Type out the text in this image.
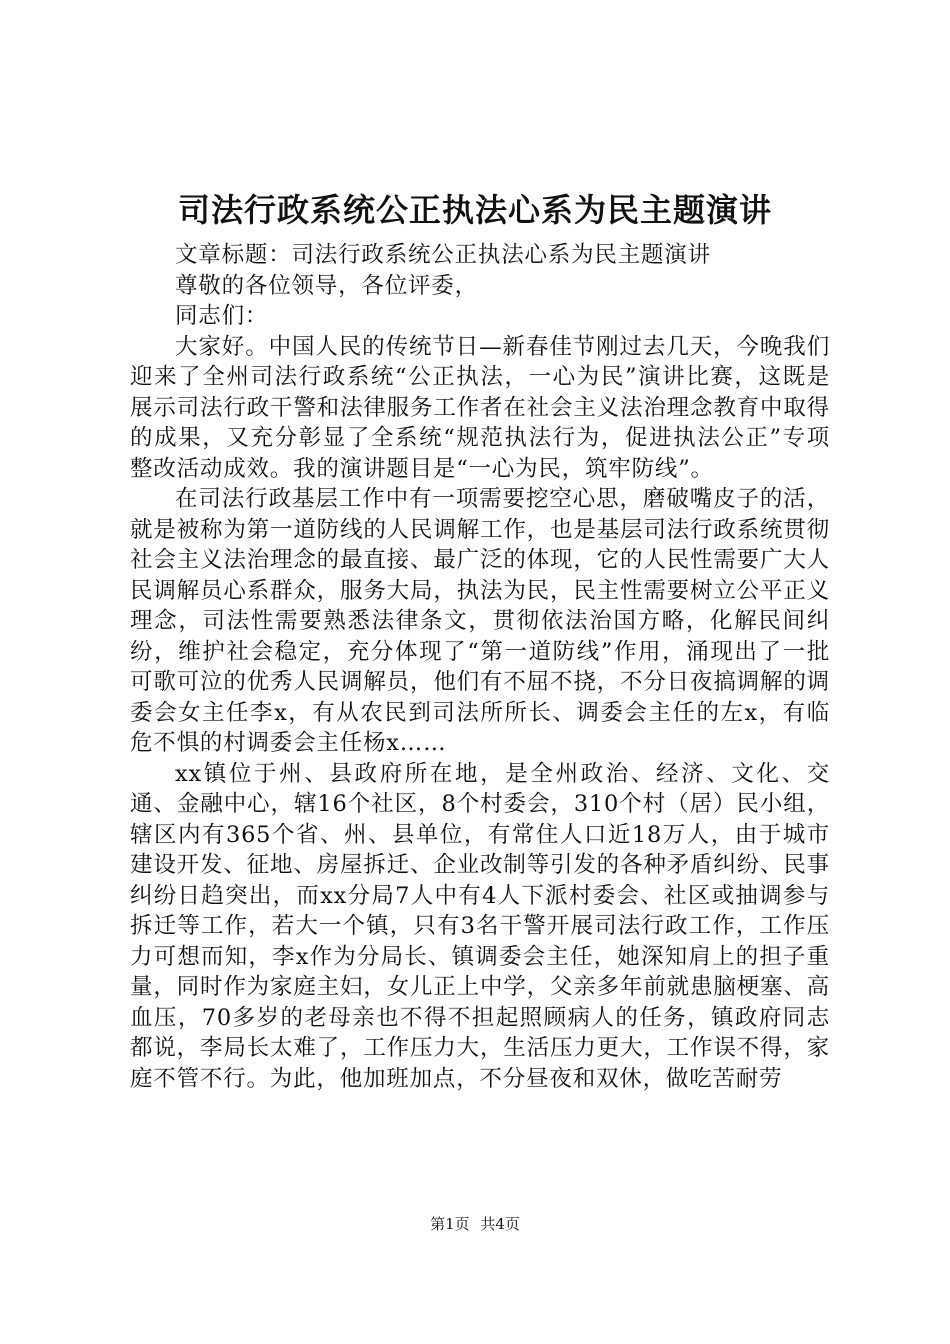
司法行政系统公正执法心系为民主题演讲

文章标题：司法行政系统公正执法心系为民主题演讲

尊敬的各位领导，各位评委，

同志们：

大家好。中国人民的传统节日—新春佳节刚过去几天，今晚我们迎来了全州司法行政系统“公正执法，一心为民”演讲比赛，这既是展示司法行政干警和法律服务工作者在社会主义法治理念教育中取得的成果，又充分彰显了全系统“规范执法行为，促进执法公正”专项整改活动成效。我的演讲题目是“一心为民，筑牢防线”。

在司法行政基层工作中有一项需要挖空心思，磨破嘴皮子的活，就是被称为第一道防线的人民调解工作，也是基层司法行政系统贯彻社会主义法治理念的最直接、最广泛的体现，它的人民性需要广大人民调解员心系群众，服务大局，执法为民，民主性需要树立公平正义理念，司法性需要熟悉法律条文，贯彻依法治国方略，化解民间纠纷，维护社会稳定，充分体现了“第一道防线”作用，涌现出了一批可歌可泣的优秀人民调解员，他们有不屈不挠，不分日夜搞调解的调委会女主任李x，有从农民到司法所所长、调委会主任的左x，有临危不惧的村调委会主任杨x……

xx镇位于州、县政府所在地，是全州政治、经济、文化、交通、金融中心，辖16个社区，8个村委会，310个村（居）民小组，辖区内有365个省、州、县单位，有常住人口近18万人，由于城市建设开发、征地、房屋拆迁、企业改制等引发的各种矛盾纠纷、民事纠纷日趋突出，而xx分局7人中有4人下派村委会、社区或抽调参与拆迁等工作，若大一个镇，只有3名干警开展司法行政工作，工作压力可想而知，李x作为分局长、镇调委会主任，她深知肩上的担子重量，同时作为家庭主妇，女儿正上中学，父亲多年前就患脑梗塞、高血压，70多岁的老母亲也不得不担起照顾病人的任务，镇政府同志都说，李局长太难了，工作压力大，生活压力更大，工作误不得，家庭不管不行。为此，他加班加点，不分昼夜和双休，做吃苦耐劳

第1页 共4页
